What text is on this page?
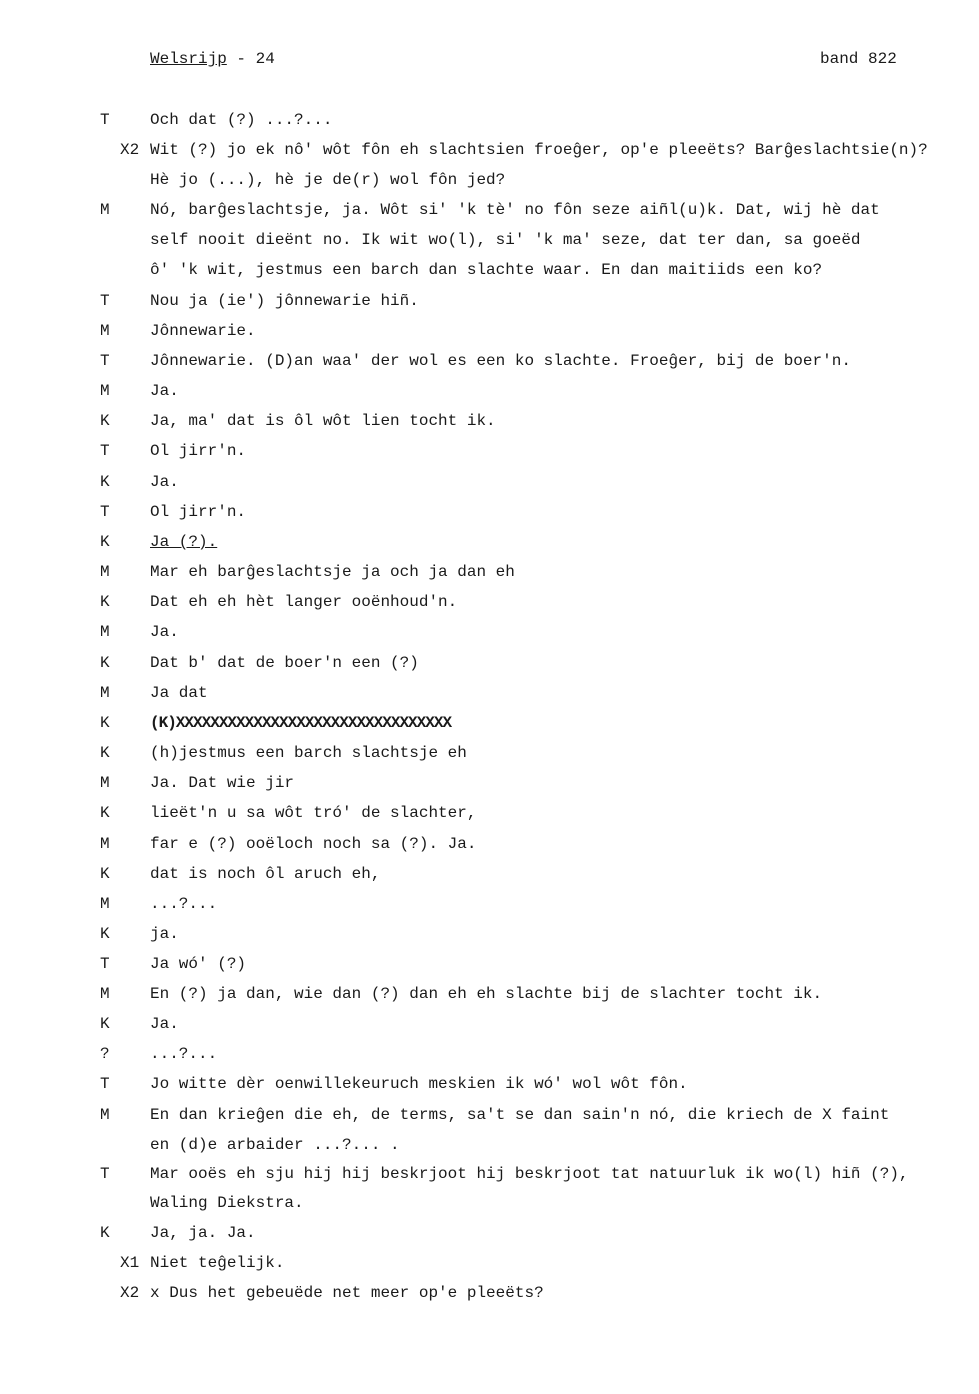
Welsrijp - 24	band 822
T	Och dat (?) ...?...
X2 Wit (?) jo ek nô' wôt fôn eh slachtsien froeĝer, op'e pleeëts? Barĝeslachtsie(n)?
Hè jo (...), hè je de(r) wol fôn jed?
M	Nó, barĝeslachtsje, ja. Wôt si' 'k tè' no fôn seze aiñl(u)k. Dat, wij hè dat
self nooit dieënt no. Ik wit wo(l), si' 'k ma' seze, dat ter dan, sa goeëd
ô' 'k wit, jestmus een barch dan slachte waar. En dan maitiids een ko?
T	Nou ja (ie') jônnewarie hiñ.
M	Jônnewarie.
T	Jônnewarie. (D)an waa' der wol es een ko slachte. Froeĝer, bij de boer'n.
M	Ja.
K	Ja, ma' dat is ôl wôt lien tocht ik.
T	Ol jirr'n.
K	Ja.
T	Ol jirr'n.
K	Ja (?).
M	Mar eh barĝeslachtsje ja och ja dan eh
K	Dat eh eh hèt langer ooënhoud'n.
M	Ja.
K	Dat b' dat de boer'n een (?)
M	Ja dat
K	(K)XXXXXXXXXXXXXXXXXXXXXXXXXXXXXXXX
K	(h)jestmus een barch slachtsje eh
M	Ja. Dat wie jir
K	lieët'n u sa wôt tró' de slachter,
M	far e (?) ooëloch noch sa (?). Ja.
K	dat is noch ôl aruch eh,
M	...?...
K	ja.
T	Ja wó' (?)
M	En (?) ja dan, wie dan (?) dan eh eh slachte bij de slachter tocht ik.
K	Ja.
?	...?...
T	Jo witte dèr oenwillekeuruch meskien ik wó' wol wôt fôn.
M	En dan krieĝen die eh, de terms, sa't se dan sain'n nó, die kriech de X faint
en (d)e arbaider ...?... .
T	Mar ooës eh sju hij hij beskrjoot hij beskrjoot tat natuurluk ik wo(l) hiñ (?),
Waling Diekstra.
K	Ja, ja. Ja.
X1 Niet teĝelijk.
X2 x Dus het gebeuëde net meer op'e pleeëts?
